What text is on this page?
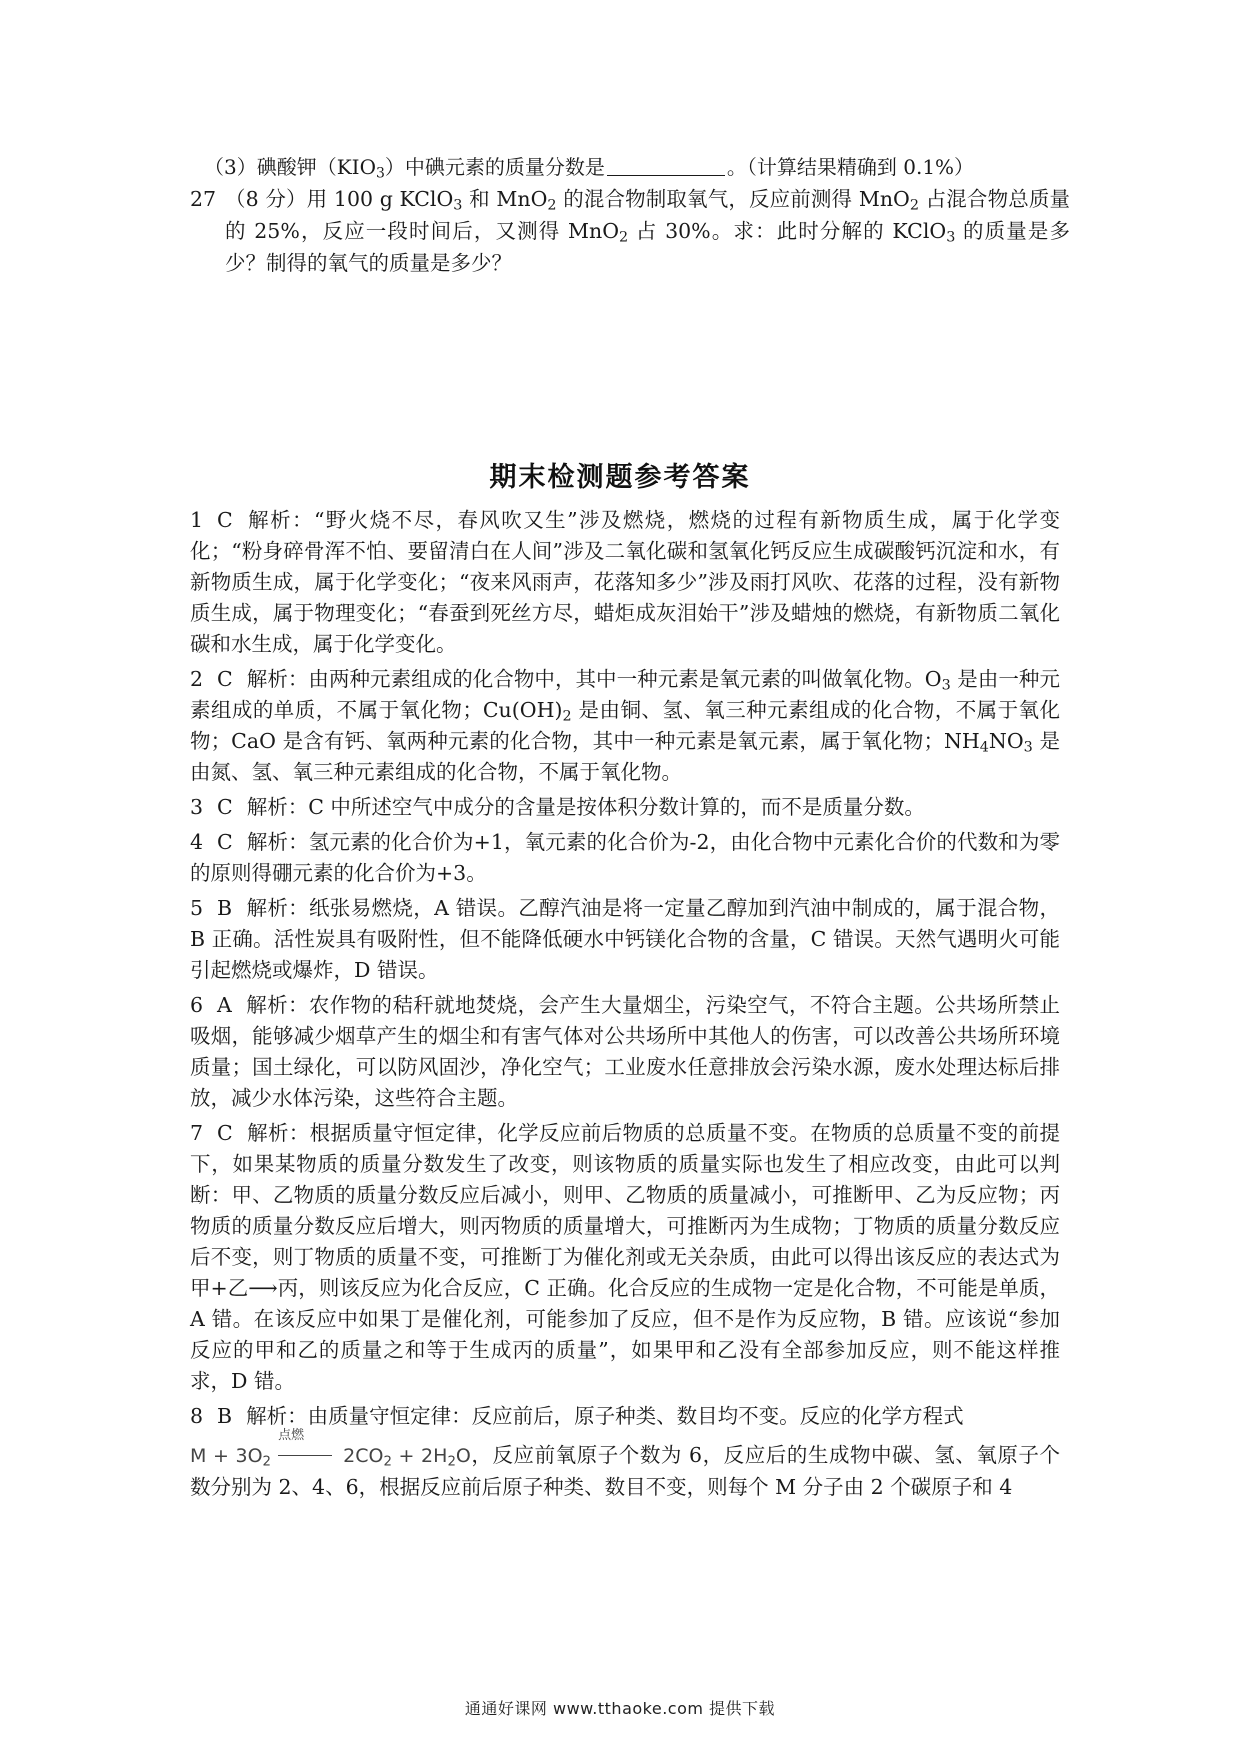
（3）碘酸钾$(KIO_3)$中碘元素的质量分数是	。（计算结果精确到 0.1%）
27 （8 分）用 100 g KClO$_3$ 和 MnO$_2$ 的混合物制取氧气，反应前测得 MnO$_2$ 占混合物总质量的 25%，反应一段时间后，又测得 MnO$_2$ 占 30%。求：此时分解的 KClO$_3$ 的质量是多少？制得的氧气的质量是多少？
期末检测题参考答案
1 C 解析：“野火烧不尽，春风吹又生”涉及燃烧，燃烧的过程有新物质生成，属于化学变化；“粉身碎骨浑不怕、要留清白在人间”涉及二氧化碳和氢氧化钙反应生成碳酸钙沉淀和水，有新物质生成，属于化学变化；“夜来风雨声，花落知多少”涉及雨打风吹、花落的过程，没有新物质生成，属于物理变化；“春蚕到死丝方尽，蜡炬成灰泪始干”涉及蜡烛的燃烧，有新物质二氧化碳和水生成，属于化学变化。
2 C 解析：由两种元素组成的化合物中，其中一种元素是氧元素的叫做氧化物。$O_3$ 是由一种元素组成的单质，不属于氧化物；$Cu(OH)_2$ 是由铜、氢、氧三种元素组成的化合物，不属于氧化物；CaO 是含有钙、氧两种元素的化合物，其中一种元素是氧元素，属于氧化物；$NH_4NO_3$ 是由氮、氢、氧三种元素组成的化合物，不属于氧化物。
3 C 解析：C 中所述空气中成分的含量是按体积分数计算的，而不是质量分数。
4 C 解析：氢元素的化合价为+1，氧元素的化合价为-2，由化合物中元素化合价的代数和为零的原则得硼元素的化合价为+3。
5 B 解析：纸张易燃烧，A 错误。乙醇汽油是将一定量乙醇加到汽油中制成的，属于混合物，B 正确。活性炭具有吸附性，但不能降低硬水中钙镁化合物的含量，C 错误。天然气遇明火可能引起燃烧或爆炸，D 错误。
6 A 解析：农作物的秸秆就地焚烧，会产生大量烟尘，污染空气，不符合主题。公共场所禁止吸烟，能够减少烟草产生的烟尘和有害气体对公共场所中其他人的伤害，可以改善公共场所环境质量；国土绿化，可以防风固沙，净化空气；工业废水任意排放会污染水源，废水处理达标后排放，减少水体污染，这些符合主题。
7 C 解析：根据质量守恒定律，化学反应前后物质的总质量不变。在物质的总质量不变的前提下，如果某物质的质量分数发生了改变，则该物质的质量实际也发生了相应改变，由此可以判断：甲、乙物质的质量分数反应后减小，则甲、乙物质的质量减小，可推断甲、乙为反应物；丙物质的质量分数反应后增大，则丙物质的质量增大，可推断丙为生成物；丁物质的质量分数反应后不变，则丁物质的质量不变，可推断丁为催化剂或无关杂质，由此可以得出该反应的表达式为 甲+乙⟶丙，则该反应为化合反应，C 正确。化合反应的生成物一定是化合物，不可能是单质，A 错。在该反应中如果丁是催化剂，可能参加了反应，但不是作为反应物，B 错。应该说“参加反应的甲和乙的质量之和等于生成丙的质量”，如果甲和乙没有全部参加反应，则不能这样推求，D 错。
8 B 解析：由质量守恒定律：反应前后，原子种类、数目均不变。反应的化学方程式
$M + 3O_2$
点燃
$2CO_2 + 2H_2O$，反应前氧原子个数为 6，反应后的生成物中碳、氢、氧原子个数分别为 2、4、6，根据反应前后原子种类、数目不变，则每个 M 分子由 2 个碳原子和 4
通通好课网 www.tthaoke.com 提供下载
